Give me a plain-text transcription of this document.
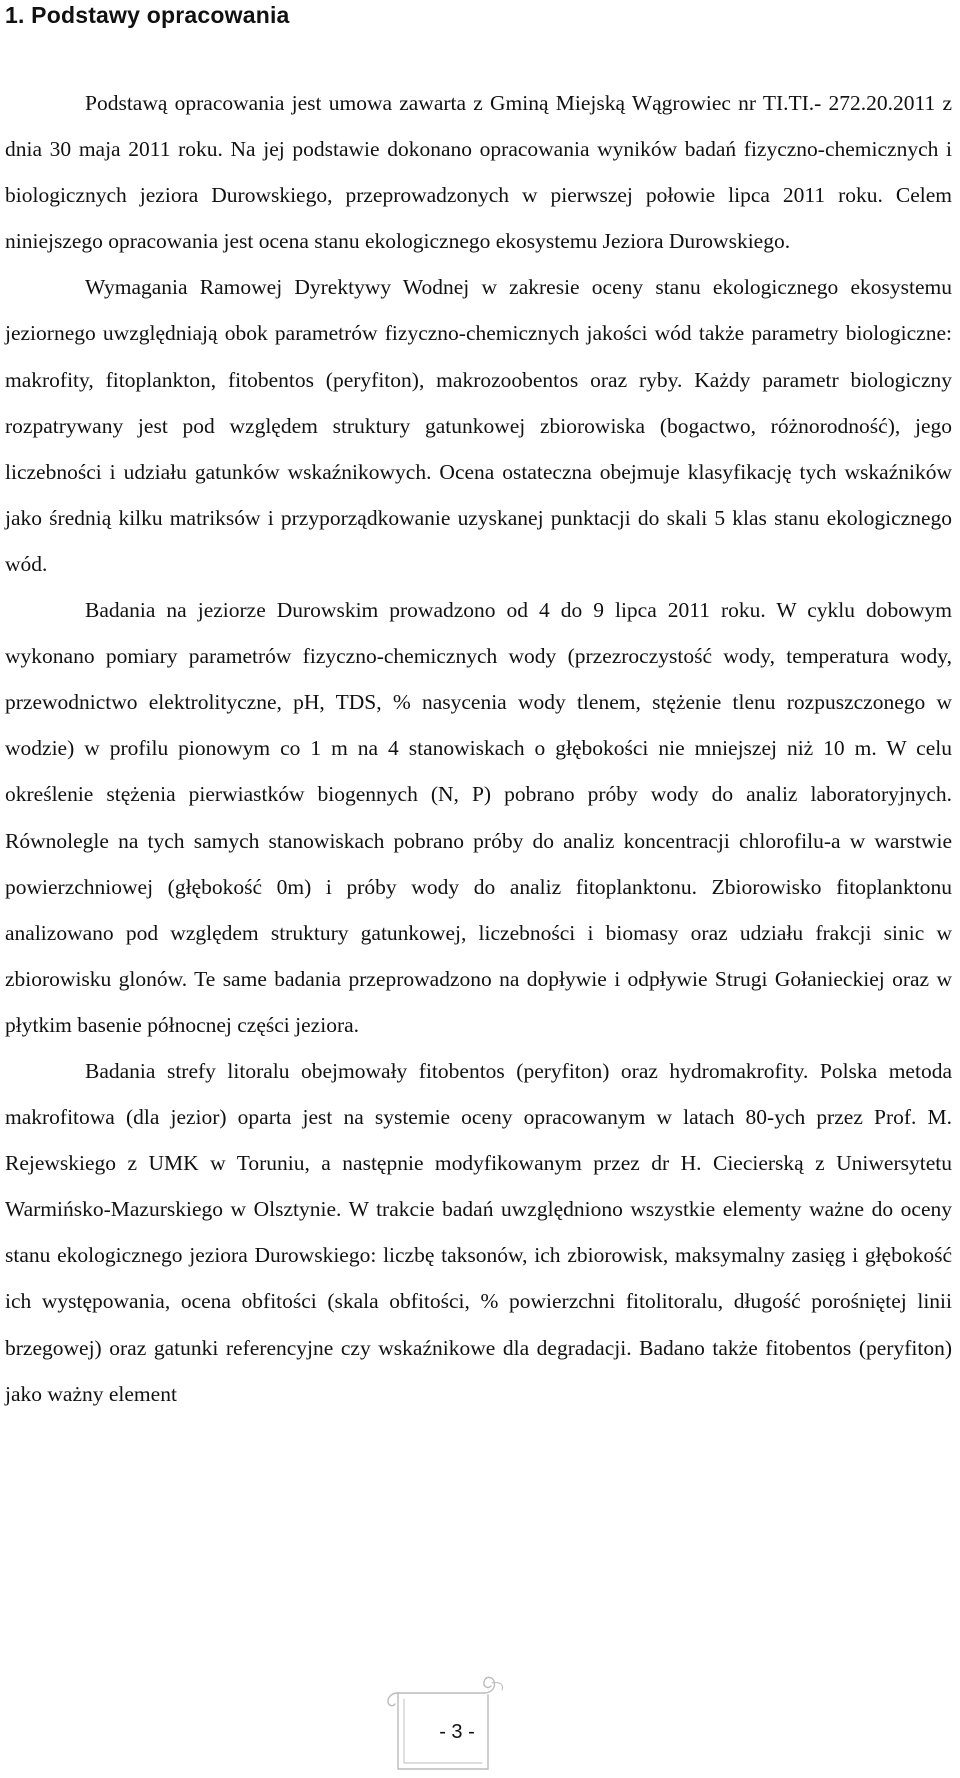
1. Podstawy opracowania

Podstawą opracowania jest umowa zawarta z Gminą Miejską Wągrowiec nr TI.TI.- 272.20.2011 z dnia 30 maja 2011 roku. Na jej podstawie dokonano opracowania wyników badań fizyczno-chemicznych i biologicznych jeziora Durowskiego, przeprowadzonych w pierwszej połowie lipca 2011 roku. Celem niniejszego opracowania jest ocena stanu ekologicznego ekosystemu Jeziora Durowskiego.

Wymagania Ramowej Dyrektywy Wodnej w zakresie oceny stanu ekologicznego ekosystemu jeziornego uwzględniają obok parametrów fizyczno-chemicznych jakości wód także parametry biologiczne: makrofity, fitoplankton, fitobentos (peryfiton), makrozoobentos oraz ryby. Każdy parametr biologiczny rozpatrywany jest pod względem struktury gatunkowej zbiorowiska (bogactwo, różnorodność), jego liczebności i udziału gatunków wskaźnikowych. Ocena ostateczna obejmuje klasyfikację tych wskaźników jako średnią kilku matriksów i przyporządkowanie uzyskanej punktacji do skali 5 klas stanu ekologicznego wód.

Badania na jeziorze Durowskim prowadzono od 4 do 9 lipca 2011 roku. W cyklu dobowym wykonano pomiary parametrów fizyczno-chemicznych wody (przezroczystość wody, temperatura wody, przewodnictwo elektrolityczne, pH, TDS, % nasycenia wody tlenem, stężenie tlenu rozpuszczonego w wodzie) w profilu pionowym co 1 m na 4 stanowiskach o głębokości nie mniejszej niż 10 m. W celu określenie stężenia pierwiastków biogennych (N, P) pobrano próby wody do analiz laboratoryjnych. Równolegle na tych samych stanowiskach pobrano próby do analiz koncentracji chlorofilu-a w warstwie powierzchniowej (głębokość 0m) i próby wody do analiz fitoplanktonu. Zbiorowisko fitoplanktonu analizowano pod względem struktury gatunkowej, liczebności i biomasy oraz udziału frakcji sinic w zbiorowisku glonów. Te same badania przeprowadzono na dopływie i odpływie Strugi Gołanieckiej oraz w płytkim basenie północnej części jeziora.

Badania strefy litoralu obejmowały fitobentos (peryfiton) oraz hydromakrofity. Polska metoda makrofitowa (dla jezior) oparta jest na systemie oceny opracowanym w latach 80-ych przez Prof. M. Rejewskiego z UMK w Toruniu, a następnie modyfikowanym przez dr H. Ciecierską z Uniwersytetu Warmińsko-Mazurskiego w Olsztynie. W trakcie badań uwzględniono wszystkie elementy ważne do oceny stanu ekologicznego jeziora Durowskiego: liczbę taksonów, ich zbiorowisk, maksymalny zasięg i głębokość ich występowania, ocena obfitości (skala obfitości, % powierzchni fitolitoralu, długość porośniętej linii brzegowej) oraz gatunki referencyjne czy wskaźnikowe dla degradacji. Badano także fitobentos (peryfiton) jako ważny element

- 3 -
